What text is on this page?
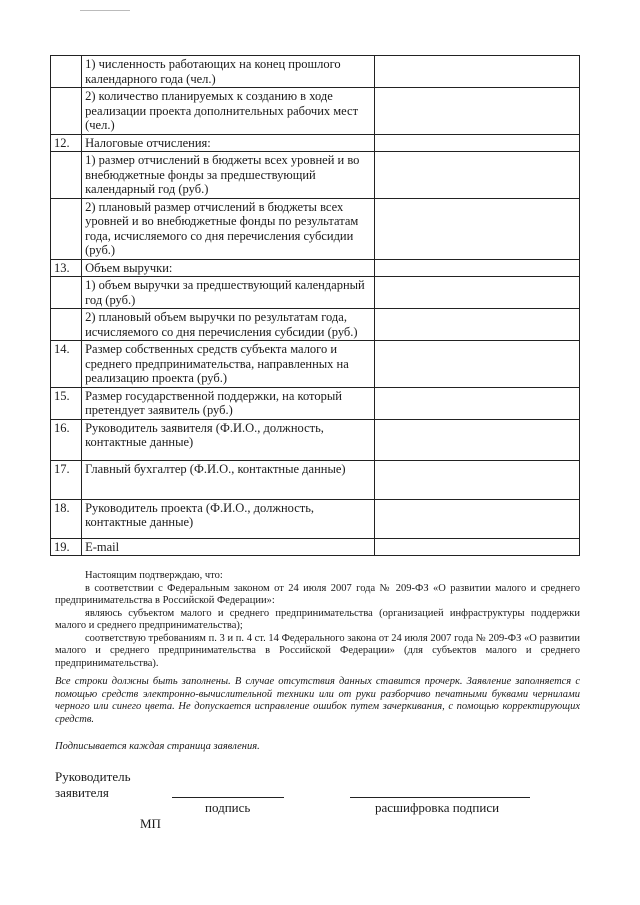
	1) численность работающих на конец прошлого календарного года (чел.)	
	2) количество планируемых к созданию в ходе реализации проекта дополнительных рабочих мест (чел.)	
12.	Налоговые отчисления:	
	1) размер отчислений в бюджеты всех уровней и во внебюджетные фонды за предшествующий календарный год (руб.)	
	2) плановый размер отчислений в бюджеты всех уровней и во внебюджетные фонды по результатам года, исчисляемого со дня перечисления субсидии (руб.)	
13.	Объем выручки:	
	1) объем выручки за предшествующий календарный год (руб.)	
	2) плановый объем выручки по результатам года, исчисляемого со дня перечисления субсидии (руб.)	
14.	Размер собственных средств субъекта малого и среднего предпринимательства, направленных на реализацию проекта (руб.)	
15.	Размер государственной поддержки, на который претендует заявитель (руб.)	
16.	Руководитель заявителя (Ф.И.О., должность, контактные данные)	
17.	Главный бухгалтер (Ф.И.О., контактные данные)	
18.	Руководитель проекта (Ф.И.О., должность, контактные данные)	
19.	E-mail	

Настоящим подтверждаю, что:

в соответствии с Федеральным законом от 24 июля 2007 года № 209-ФЗ «О развитии малого и среднего предпринимательства в Российской Федерации»:

являюсь субъектом малого и среднего предпринимательства (организацией инфраструктуры поддержки малого и среднего предпринимательства);

соответствую требованиям п. 3 и п. 4 ст. 14 Федерального закона от 24 июля 2007 года № 209-ФЗ «О развитии малого и среднего предпринимательства в Российской Федерации» (для субъектов малого и среднего предпринимательства).

Все строки должны быть заполнены. В случае отсутствия данных ставится прочерк. Заявление заполняется с помощью средств электронно-вычислительной техники или от руки разборчиво печатными буквами чернилами черного или синего цвета. Не допускается исправление ошибок путем зачеркивания, с помощью корректирующих средств.

Подписывается каждая страница заявления.
Руководитель
заявителя
подпись	расшифровка подписи
МП
